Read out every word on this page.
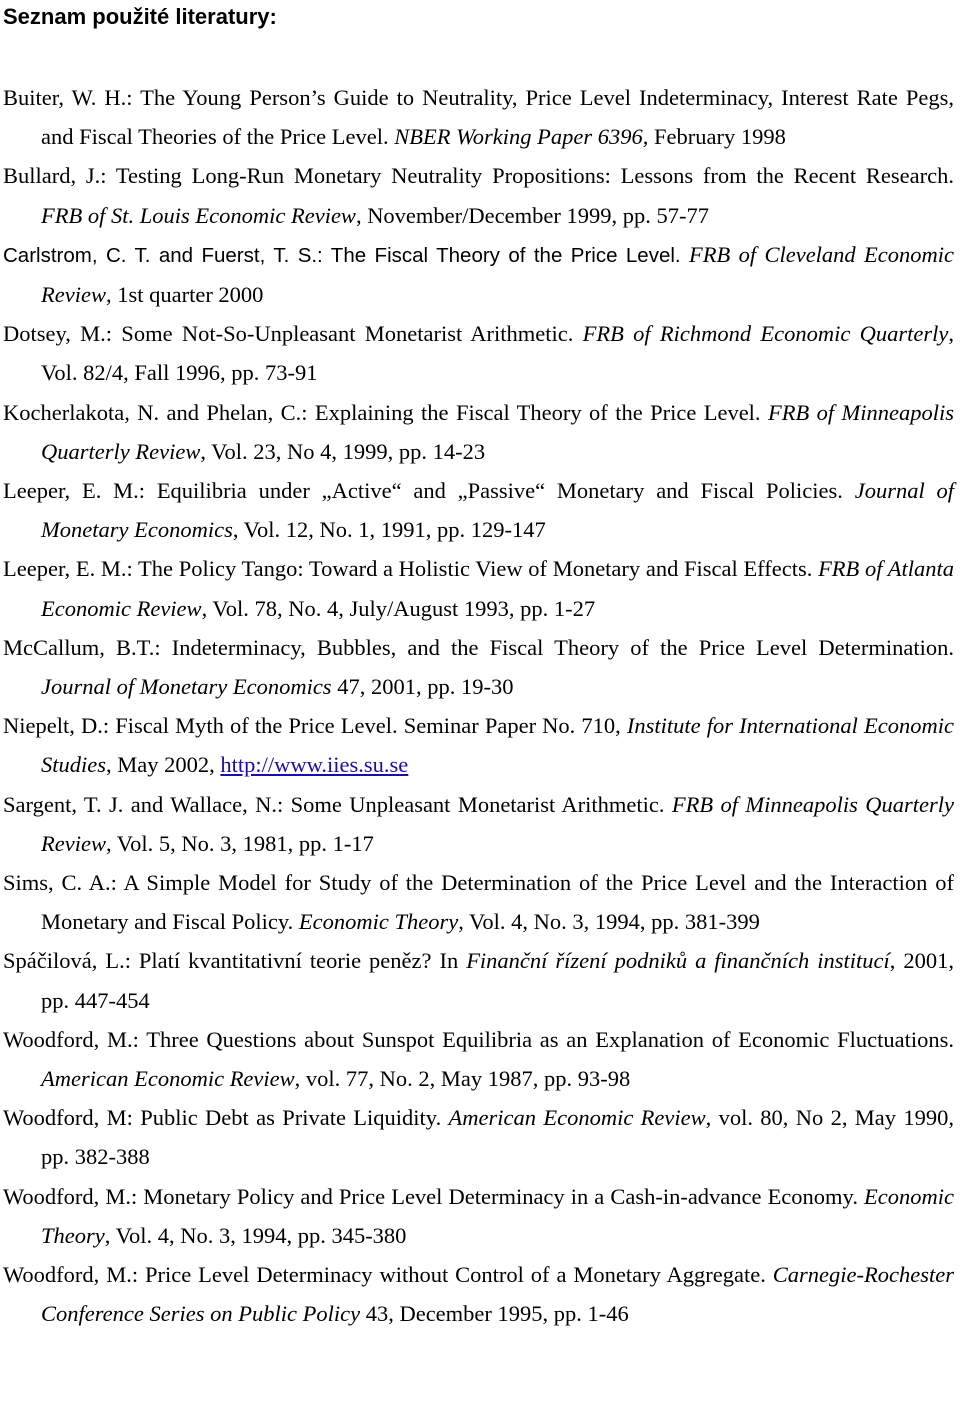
Seznam použité literatury:

Buiter, W. H.: The Young Person’s Guide to Neutrality, Price Level Indeterminacy, Interest Rate Pegs, and Fiscal Theories of the Price Level. NBER Working Paper 6396, February 1998

Bullard, J.: Testing Long-Run Monetary Neutrality Propositions: Lessons from the Recent Research. FRB of St. Louis Economic Review, November/December 1999, pp. 57-77

Carlstrom, C. T. and Fuerst, T. S.: The Fiscal Theory of the Price Level. FRB of Cleveland Economic Review, 1st quarter 2000

Dotsey, M.: Some Not-So-Unpleasant Monetarist Arithmetic. FRB of Richmond Economic Quarterly, Vol. 82/4, Fall 1996, pp. 73-91

Kocherlakota, N. and Phelan, C.: Explaining the Fiscal Theory of the Price Level. FRB of Minneapolis Quarterly Review, Vol. 23, No 4, 1999, pp. 14-23

Leeper, E. M.: Equilibria under „Active“ and „Passive“ Monetary and Fiscal Policies. Journal of Monetary Economics, Vol. 12, No. 1, 1991, pp. 129-147

Leeper, E. M.: The Policy Tango: Toward a Holistic View of Monetary and Fiscal Effects. FRB of Atlanta Economic Review, Vol. 78, No. 4, July/August 1993, pp. 1-27

McCallum, B.T.: Indeterminacy, Bubbles, and the Fiscal Theory of the Price Level Determination. Journal of Monetary Economics 47, 2001, pp. 19-30

Niepelt, D.: Fiscal Myth of the Price Level. Seminar Paper No. 710, Institute for International Economic Studies, May 2002, http://www.iies.su.se

Sargent, T. J. and Wallace, N.: Some Unpleasant Monetarist Arithmetic. FRB of Minneapolis Quarterly Review, Vol. 5, No. 3, 1981, pp. 1-17

Sims, C. A.: A Simple Model for Study of the Determination of the Price Level and the Interaction of Monetary and Fiscal Policy. Economic Theory, Vol. 4, No. 3, 1994, pp. 381-399

Spáčilová, L.: Platí kvantitativní teorie peněz? In Finanční řízení podniků a finančních institucí, 2001, pp. 447-454

Woodford, M.: Three Questions about Sunspot Equilibria as an Explanation of Economic Fluctuations. American Economic Review, vol. 77, No. 2, May 1987, pp. 93-98

Woodford, M: Public Debt as Private Liquidity. American Economic Review, vol. 80, No 2, May 1990, pp. 382-388

Woodford, M.: Monetary Policy and Price Level Determinacy in a Cash-in-advance Economy. Economic Theory, Vol. 4, No. 3, 1994, pp. 345-380

Woodford, M.: Price Level Determinacy without Control of a Monetary Aggregate. Carnegie-Rochester Conference Series on Public Policy 43, December 1995, pp. 1-46
